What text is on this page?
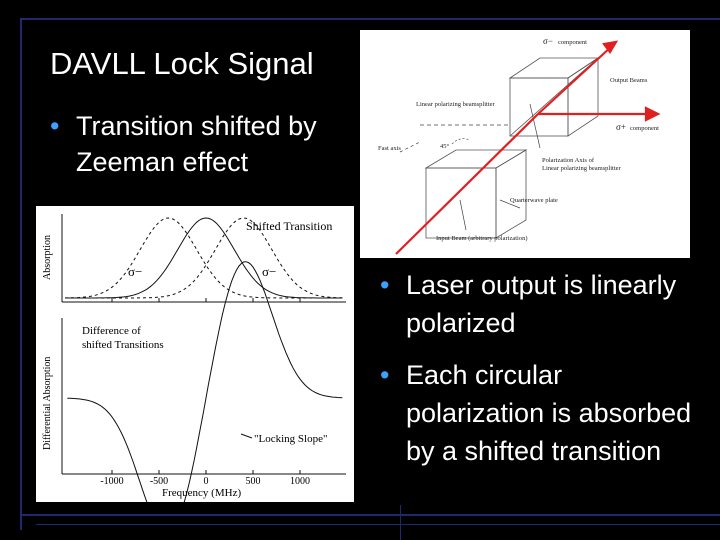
DAVLL Lock Signal
• Transition shifted by Zeeman effect
σ− component
Output Beams
Linear polarizing beamsplitter
σ+ component
Fast axis	45°
Polarization Axis of
Linear polarizing beamsplitter
Quarterwave plate
Input Beam (arbitrary polarization)
-1000	-500	0	500	1000
Absorption
Shifted Transition
σ−	σ−
Differential Absorption
Difference of
shifted Transitions
"Locking Slope"
Frequency (MHz)
• Laser output is linearly polarized
• Each circular polarization is absorbed by a shifted transition
